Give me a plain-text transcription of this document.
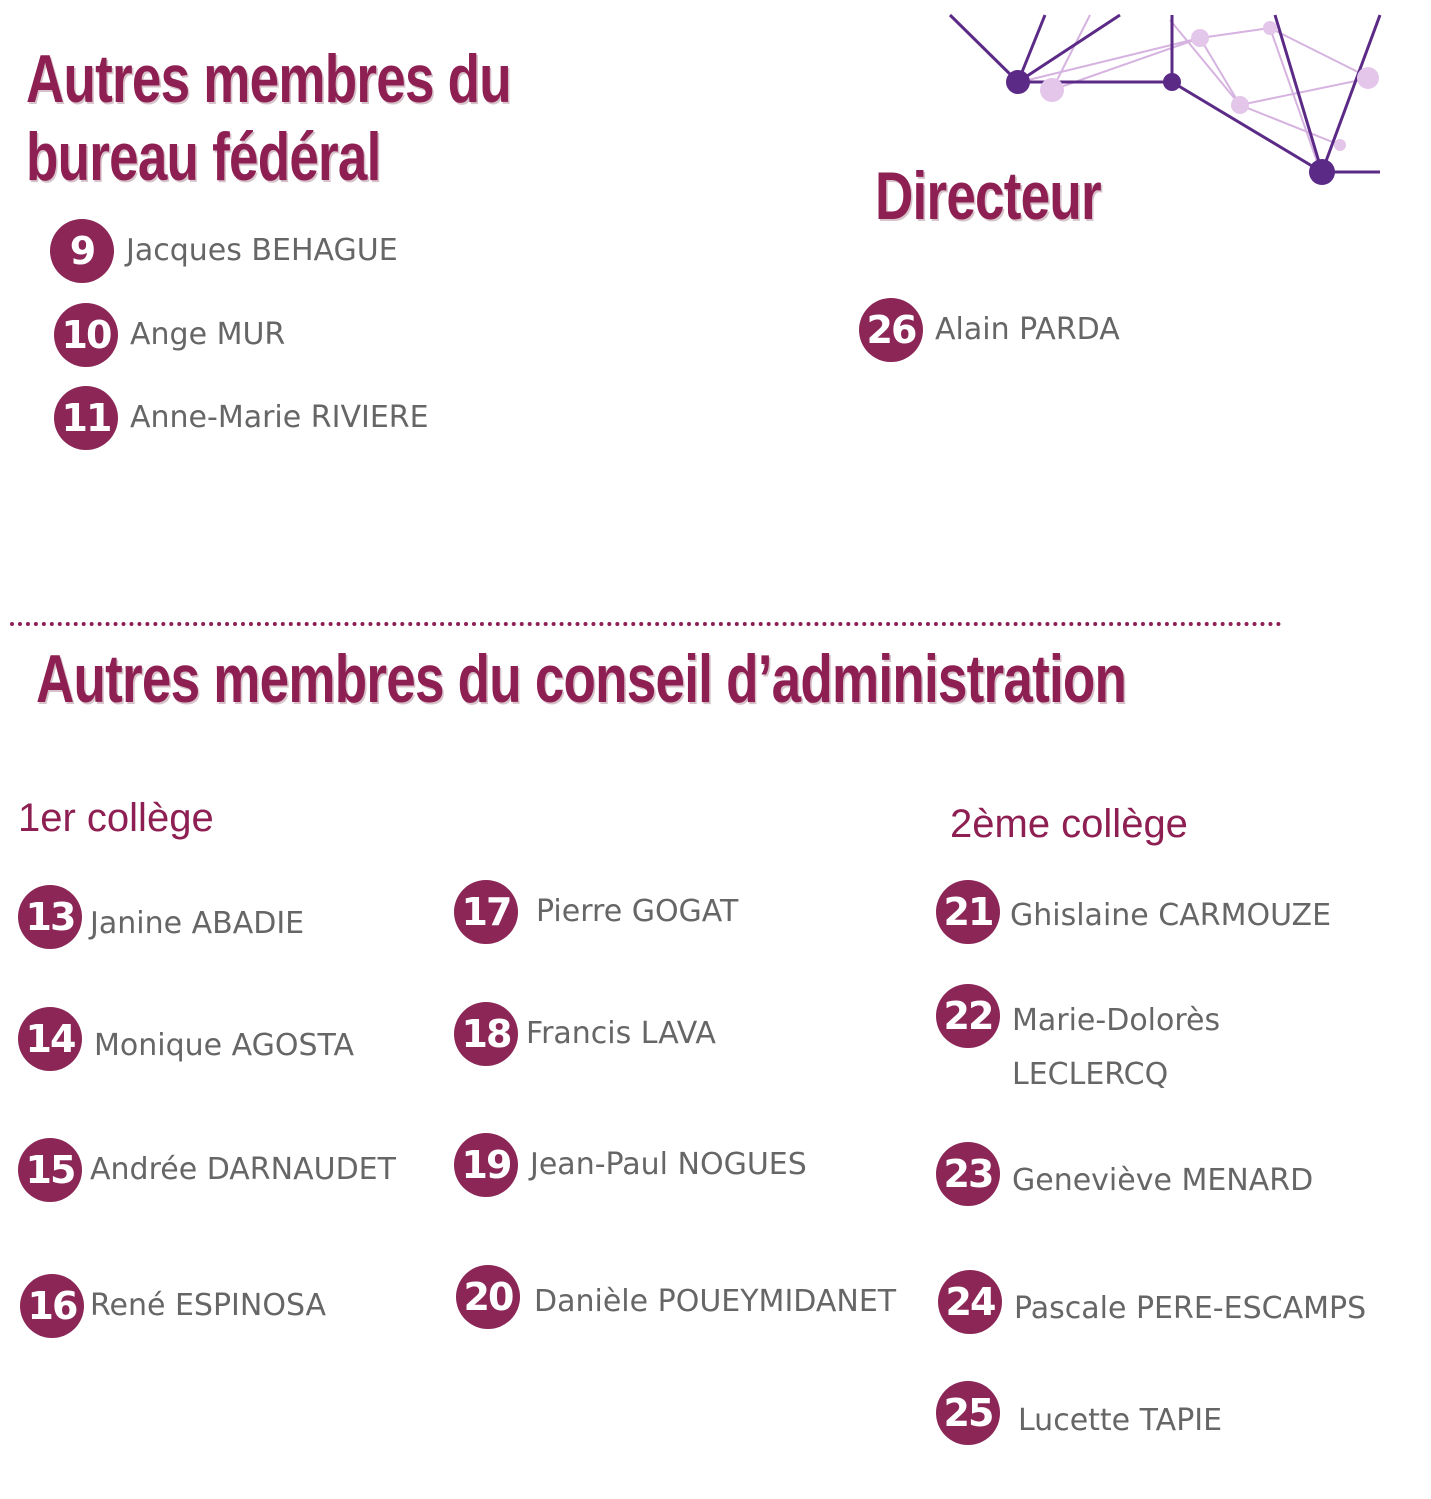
Autres membres du bureau fédéral
Directeur
9	Jacques BEHAGUE
10 Ange MUR
11 Anne-Marie RIVIERE
26 Alain PARDA
Autres membres du conseil d’administration
1er collège	2ème collège
13 Janine ABADIE
14 Monique AGOSTA
15 Andrée DARNAUDET
16 René ESPINOSA
17 Pierre GOGAT
18 Francis LAVA
19 Jean-Paul NOGUES
20 Danièle POUEYMIDANET
21 Ghislaine CARMOUZE
22 Marie-Dolorès LECLERCQ
23 Geneviève MENARD
24 Pascale PERE-ESCAMPS
25 Lucette TAPIE
